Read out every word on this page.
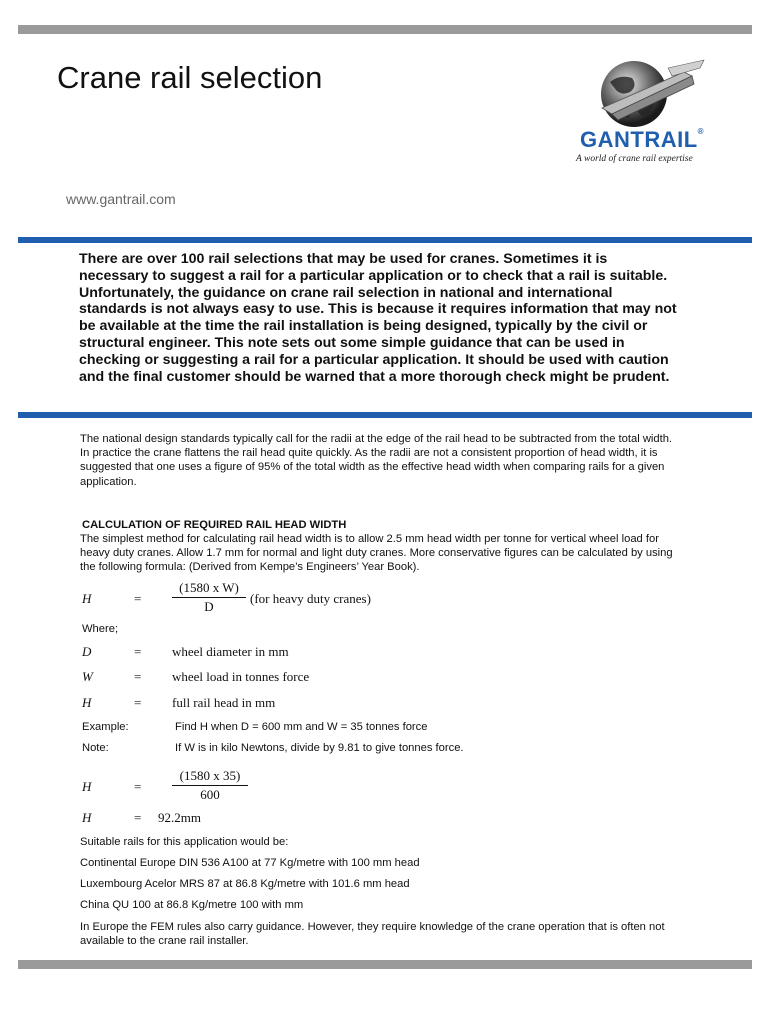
Crane rail selection
GANTRAIL®
A world of crane rail expertise
www.gantrail.com

There are over 100 rail selections that may be used for cranes. Sometimes it is necessary to suggest a rail for a particular application or to check that a rail is suitable. Unfortunately, the guidance on crane rail selection in national and international standards is not always easy to use. This is because it requires information that may not be available at the time the rail installation is being designed, typically by the civil or structural engineer. This note sets out some simple guidance that can be used in checking or suggesting a rail for a particular application. It should be used with caution and the final customer should be warned that a more thorough check might be prudent.

The national design standards typically call for the radii at the edge of the rail head to be subtracted from the total width. In practice the crane flattens the rail head quite quickly. As the radii are not a consistent proportion of head width, it is suggested that one uses a figure of 95% of the total width as the effective head width when comparing rails for a given application.

CALCULATION OF REQUIRED RAIL HEAD WIDTH

The simplest method for calculating rail head width is to allow 2.5 mm head width per tonne for vertical wheel load for heavy duty cranes. Allow 1.7 mm for normal and light duty cranes. More conservative figures can be calculated by using the following formula: (Derived from Kempe’s Engineers’ Year Book).

H	= $\frac{\text{(1580 x W)}}{D} (for$ heavy duty cranes)
Where;
D	= wheel diameter in mm
W	= wheel load in tonnes force
H	= full rail head in mm
Example:	Find H when D = 600 mm and W = 35 tonnes force
Note:	If W is in kilo Newtons, divide by 9.81 to give tonnes force.
H	= $\frac{(1580 x 35)}{600}$
H	= 92.2mm
Suitable rails for this application would be:
Continental Europe DIN 536 A100 at 77 Kg/metre with 100 mm head
Luxembourg Acelor MRS 87 at 86.8 Kg/metre with 101.6 mm head
China QU 100 at 86.8 Kg/metre 100 with mm

In Europe the FEM rules also carry guidance. However, they require knowledge of the crane operation that is often not available to the crane rail installer.
